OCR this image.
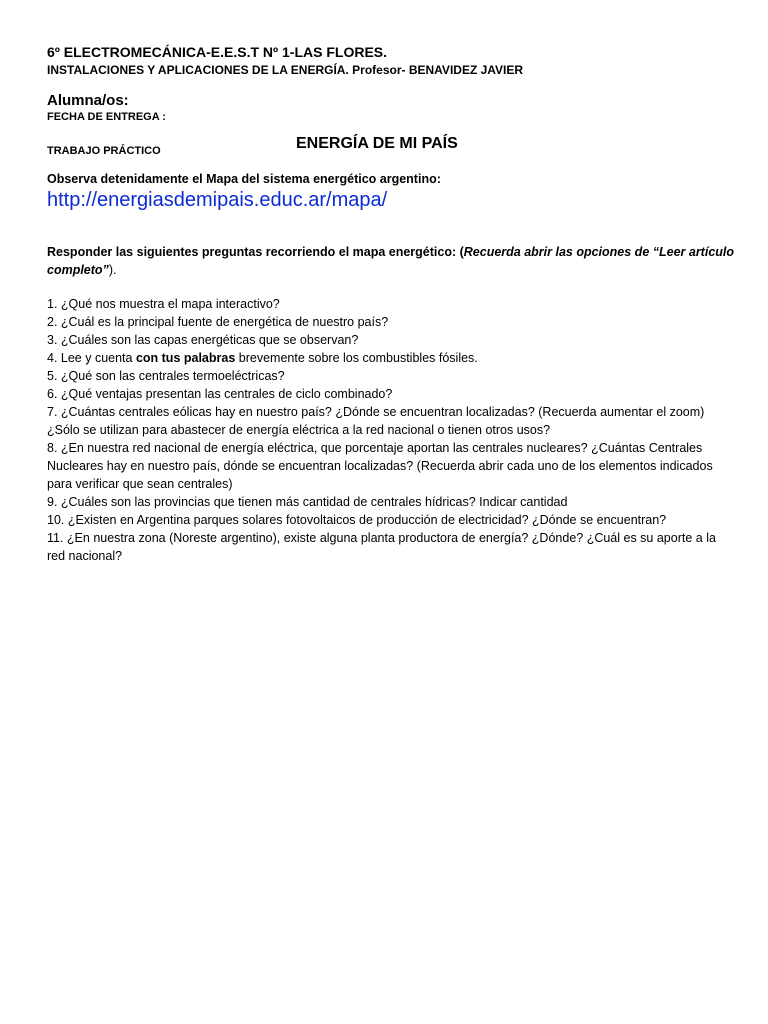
6º ELECTROMECÁNICA-E.E.S.T Nº 1-LAS FLORES.

INSTALACIONES Y APLICACIONES DE LA ENERGÍA. Profesor- BENAVIDEZ JAVIER

Alumna/os:

FECHA DE ENTREGA :

ENERGÍA DE MI PAÍS

TRABAJO PRÁCTICO

Observa detenidamente el Mapa del sistema energético argentino:

http://energiasdemipais.educ.ar/mapa/

Responder las siguientes preguntas recorriendo el mapa energético: (Recuerda abrir las opciones de “Leer artículo completo”).

1. ¿Qué nos muestra el mapa interactivo?
2. ¿Cuál es la principal fuente de energética de nuestro país?
3. ¿Cuáles son las capas energéticas que se observan?
4. Lee y cuenta con tus palabras brevemente sobre los combustibles fósiles.
5. ¿Qué son las centrales termoeléctricas?
6. ¿Qué ventajas presentan las centrales de ciclo combinado?
7. ¿Cuántas centrales eólicas hay en nuestro país? ¿Dónde se encuentran localizadas? (Recuerda aumentar el zoom) ¿Sólo se utilizan para abastecer de energía eléctrica a la red nacional o tienen otros usos?
8. ¿En nuestra red nacional de energía eléctrica, que porcentaje aportan las centrales nucleares? ¿Cuántas Centrales Nucleares hay en nuestro país, dónde se encuentran localizadas? (Recuerda abrir cada uno de los elementos indicados para verificar que sean centrales)
9. ¿Cuáles son las provincias que tienen más cantidad de centrales hídricas? Indicar cantidad
10. ¿Existen en Argentina parques solares fotovoltaicos de producción de electricidad? ¿Dónde se encuentran?
11. ¿En nuestra zona (Noreste argentino), existe alguna planta productora de energía? ¿Dónde? ¿Cuál es su aporte a la red nacional?
